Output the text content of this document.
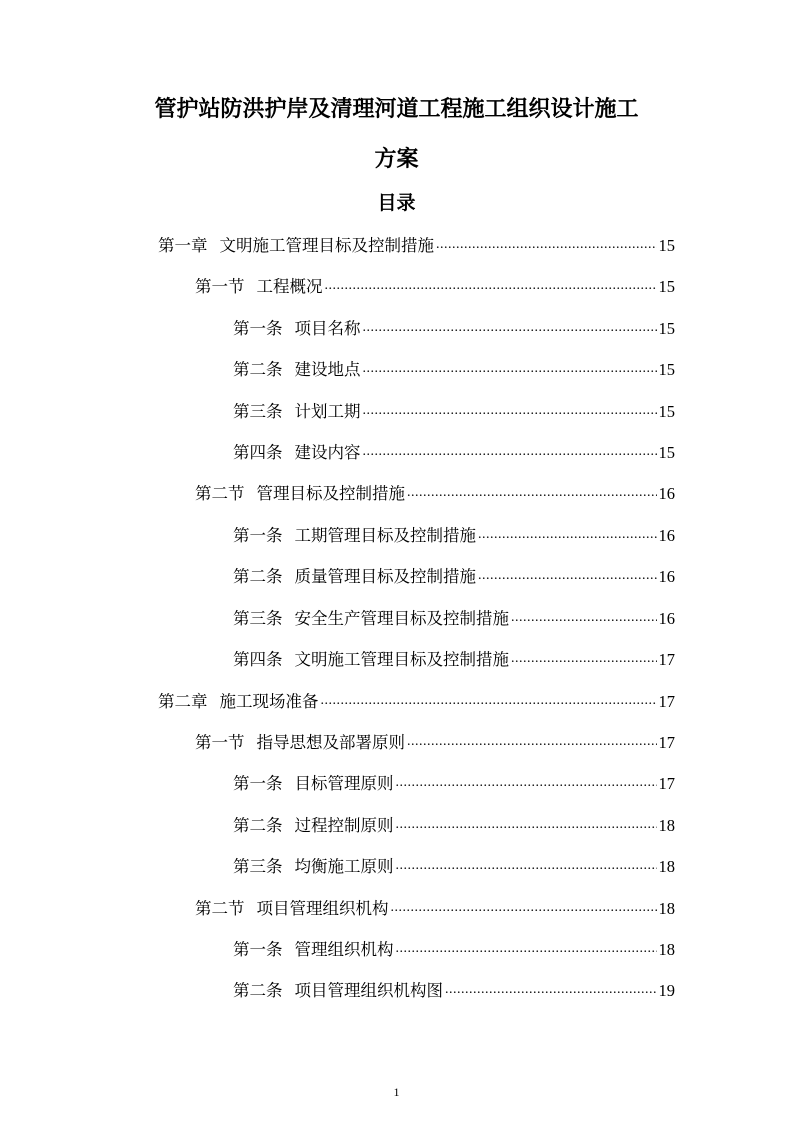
管护站防洪护岸及清理河道工程施工组织设计施工
方案
目录
第一章 文明施工管理目标及控制措施 .....	15
第一节 工程概况 .....	15
第一条 项目名称 .....	15
第二条 建设地点 .....	15
第三条 计划工期 .....	15
第四条 建设内容 .....	15
第二节 管理目标及控制措施 .....	16
第一条 工期管理目标及控制措施 .....	16
第二条 质量管理目标及控制措施 .....	16
第三条 安全生产管理目标及控制措施 .....	16
第四条 文明施工管理目标及控制措施 .....	17
第二章 施工现场准备 .....	17
第一节 指导思想及部署原则 .....	17
第一条 目标管理原则 .....	17
第二条 过程控制原则 .....	18
第三条 均衡施工原则 .....	18
第二节 项目管理组织机构 .....	18
第一条 管理组织机构 .....	18
第二条 项目管理组织机构图 .....	19
1
